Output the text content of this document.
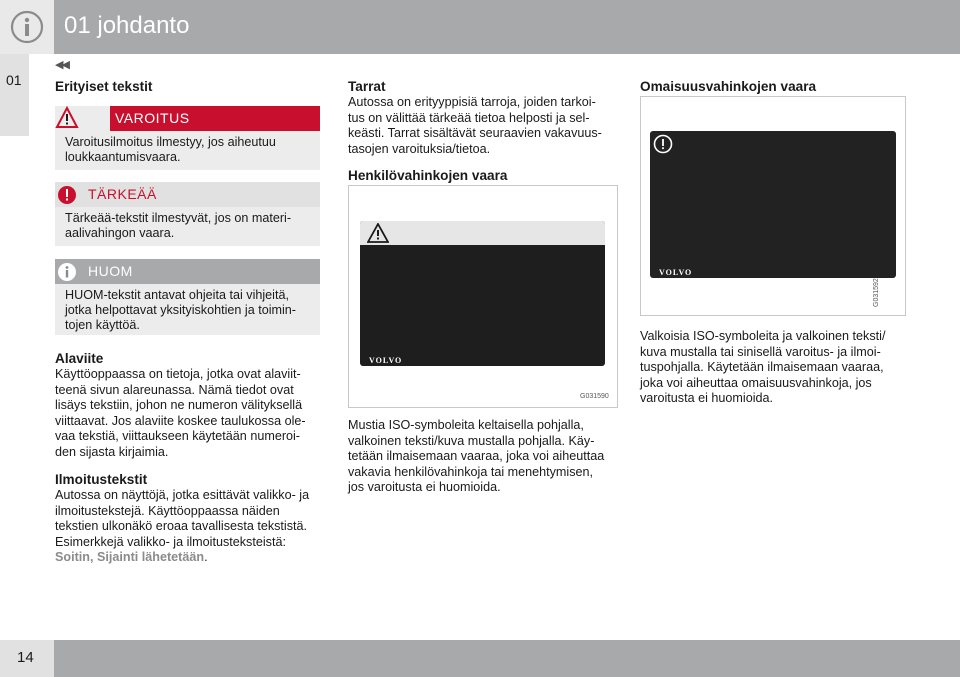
01 johdanto
01
◀◀
Erityiset tekstit
VAROITUS
Varoitusilmoitus ilmestyy, jos aiheutuu
loukkaantumisvaara.
TÄRKEÄÄ
Tärkeää-tekstit ilmestyvät, jos on materi-
aalivahingon vaara.
HUOM
HUOM-tekstit antavat ohjeita tai vihjeitä,
jotka helpottavat yksityiskohtien ja toimin-
tojen käyttöä.
Alaviite
Käyttöoppaassa on tietoja, jotka ovat alaviit-
teenä sivun alareunassa. Nämä tiedot ovat
lisäys tekstiin, johon ne numeron välityksellä
viittaavat. Jos alaviite koskee taulukossa ole-
vaa tekstiä, viittaukseen käytetään numeroi-
den sijasta kirjaimia.
Ilmoitustekstit
Autossa on näyttöjä, jotka esittävät valikko- ja
ilmoitustekstejä. Käyttöoppaassa näiden
tekstien ulkonäkö eroaa tavallisesta tekstistä.
Esimerkkejä valikko- ja ilmoitusteksteistä:
Soitin, Sijainti lähetetään.
Tarrat
Autossa on erityyppisiä tarroja, joiden tarkoi-
tus on välittää tärkeää tietoa helposti ja sel-
keästi. Tarrat sisältävät seuraavien vakavuus-
tasojen varoituksia/tietoa.
Henkilövahinkojen vaara
VOLVO
G031590
Mustia ISO-symboleita keltaisella pohjalla,
valkoinen teksti/kuva mustalla pohjalla. Käy-
tetään ilmaisemaan vaaraa, joka voi aiheuttaa
vakavia henkilövahinkoja tai menehtymisen,
jos varoitusta ei huomioida.
Omaisuusvahinkojen vaara
VOLVO
G031592
Valkoisia ISO-symboleita ja valkoinen teksti/
kuva mustalla tai sinisellä varoitus- ja ilmoi-
tuspohjalla. Käytetään ilmaisemaan vaaraa,
joka voi aiheuttaa omaisuusvahinkoja, jos
varoitusta ei huomioida.
14
